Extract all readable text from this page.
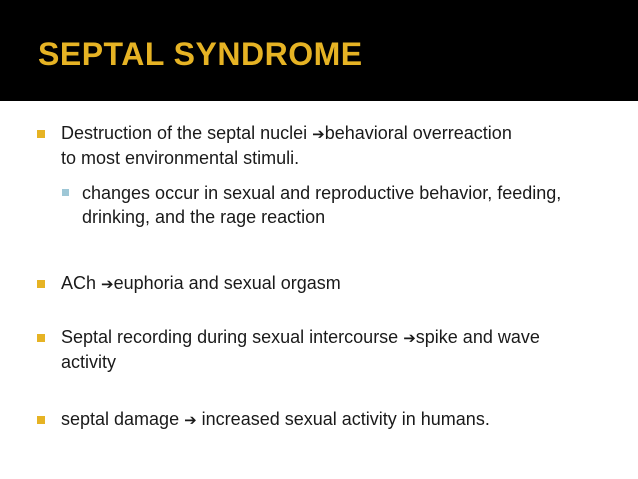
SEPTAL SYNDROME
Destruction of the septal nuclei ➔behavioral overreaction to most environmental stimuli.
changes occur in sexual and reproductive behavior, feeding, drinking, and the rage reaction
ACh ➔euphoria and sexual orgasm
Septal recording during sexual intercourse ➔spike and wave activity
septal damage ➔ increased sexual activity in humans.
